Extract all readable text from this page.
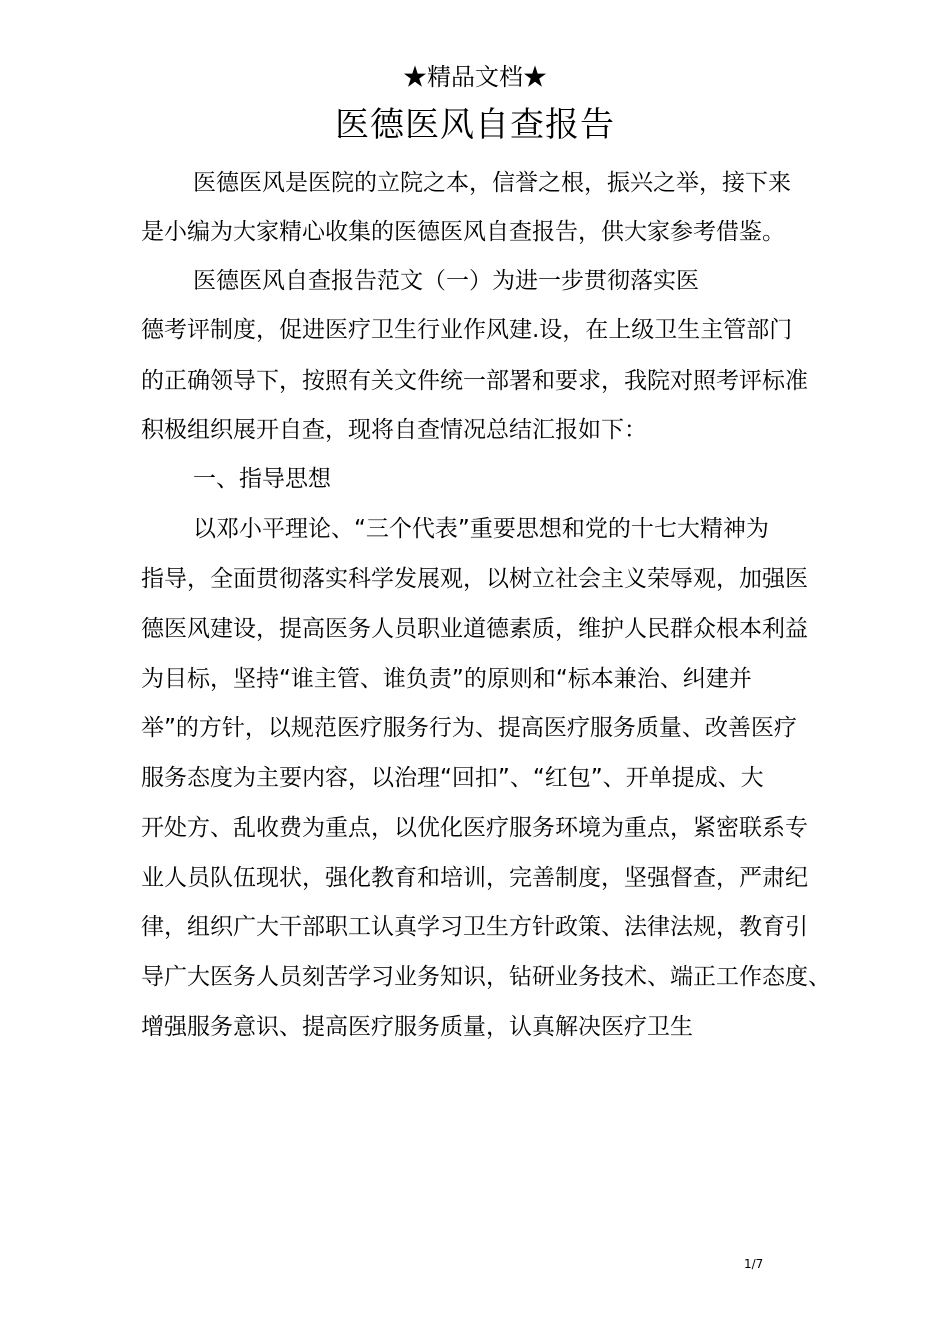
★精品文档★
医德医风自查报告
医德医风是医院的立院之本，信誉之根，振兴之举，接下来
是小编为大家精心收集的医德医风自查报告，供大家参考借鉴。
医德医风自查报告范文（一）为进一步贯彻落实医
德考评制度，促进医疗卫生行业作风建.设，在上级卫生主管部门
的正确领导下，按照有关文件统一部署和要求，我院对照考评标准
积极组织展开自查，现将自查情况总结汇报如下：
一、指导思想
以邓小平理论、“三个代表”重要思想和党的十七大精神为
指导，全面贯彻落实科学发展观，以树立社会主义荣辱观，加强医
德医风建设，提高医务人员职业道德素质，维护人民群众根本利益
为目标，坚持“谁主管、谁负责”的原则和“标本兼治、纠建并
举”的方针，以规范医疗服务行为、提高医疗服务质量、改善医疗
服务态度为主要内容，以治理“回扣”、“红包”、开单提成、大
开处方、乱收费为重点，以优化医疗服务环境为重点，紧密联系专
业人员队伍现状，强化教育和培训，完善制度，坚强督查，严肃纪
律，组织广大干部职工认真学习卫生方针政策、法律法规，教育引
导广大医务人员刻苦学习业务知识，钻研业务技术、端正工作态度、
增强服务意识、提高医疗服务质量，认真解决医疗卫生
1/7
